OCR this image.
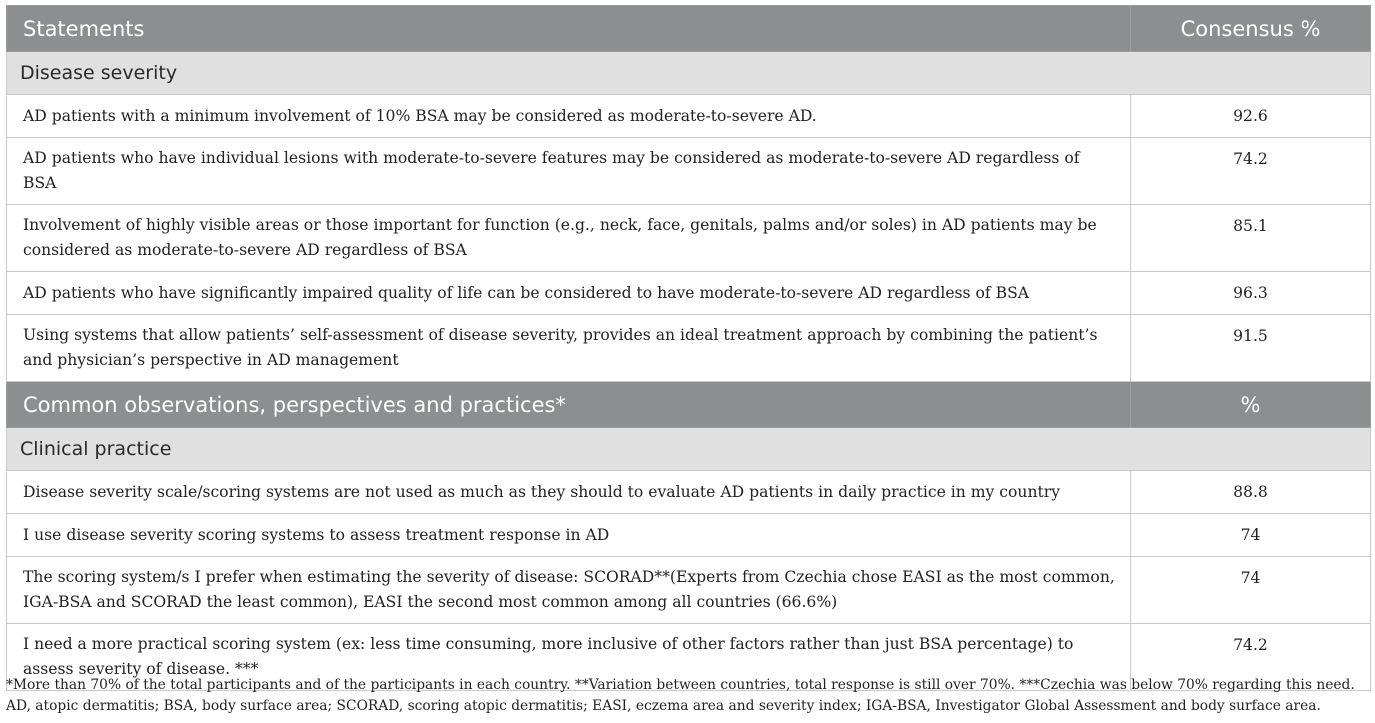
Statements	Consensus %
Disease severity	
AD patients with a minimum involvement of 10% BSA may be considered as moderate-to-severe AD.	92.6
AD patients who have individual lesions with moderate-to-severe features may be considered as moderate-to-severe AD regardless of BSA	74.2
Involvement of highly visible areas or those important for function (e.g., neck, face, genitals, palms and/or soles) in AD patients may be considered as moderate-to-severe AD regardless of BSA	85.1
AD patients who have significantly impaired quality of life can be considered to have moderate-to-severe AD regardless of BSA	96.3
Using systems that allow patients’ self-assessment of disease severity, provides an ideal treatment approach by combining the patient’s and physician’s perspective in AD management	91.5
Common observations, perspectives and practices*	%
Clinical practice	
Disease severity scale/scoring systems are not used as much as they should to evaluate AD patients in daily practice in my country	88.8
I use disease severity scoring systems to assess treatment response in AD	74
The scoring system/s I prefer when estimating the severity of disease: SCORAD**(Experts from Czechia chose EASI as the most common, IGA-BSA and SCORAD the least common), EASI the second most common among all countries (66.6%)	74
I need a more practical scoring system (ex: less time consuming, more inclusive of other factors rather than just BSA percentage) to assess severity of disease. ***	74.2

*More than 70% of the total participants and of the participants in each country. **Variation between countries, total response is still over 70%. ***Czechia was below 70% regarding this need.

AD, atopic dermatitis; BSA, body surface area; SCORAD, scoring atopic dermatitis; EASI, eczema area and severity index; IGA-BSA, Investigator Global Assessment and body surface area.
